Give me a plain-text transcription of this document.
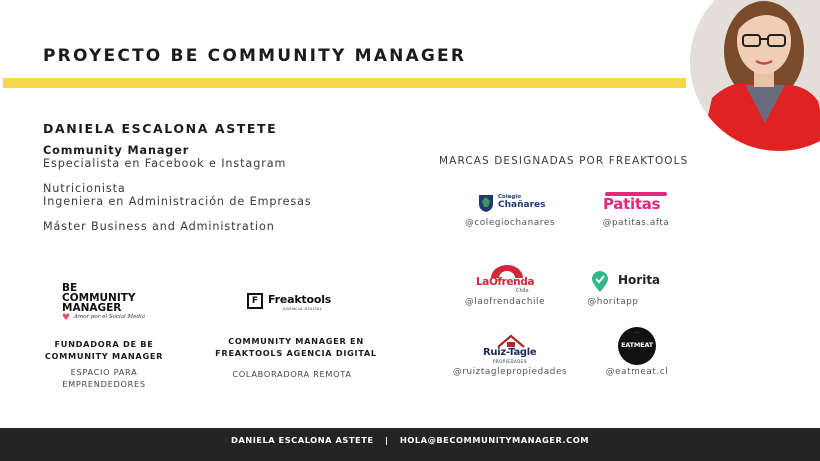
PROYECTO BE COMMUNITY MANAGER
DANIELA ESCALONA ASTETE
Community Manager
Especialista en Facebook e Instagram
Nutricionista
Ingeniera en Administración de Empresas
Máster Business and Administration
BE
COMMUNITY
MANAGER
♥ Amor por el Social Media
FUNDADORA DE BE
COMMUNITY MANAGER
ESPACIO PARA
EMPRENDEDORES
F Freaktools
AGENCIA DIGITAL
COMMUNITY MANAGER EN
FREAKTOOLS AGENCIA DIGITAL
COLABORADORA REMOTA
MARCAS DESIGNADAS POR FREAKTOOLS
Colegio
Chañares
@colegiochanares
Patitas
@patitas.afta
LaOfrenda
Chile
@laofrendachile
Horita
@horitapp
Ruiz-Tagle
PROPIEDADES
@ruiztaglepropiedades
⌒
EATMEAT
@eatmeat.cl
DANIELA ESCALONA ASTETE | HOLA@BECOMMUNITYMANAGER.COM
